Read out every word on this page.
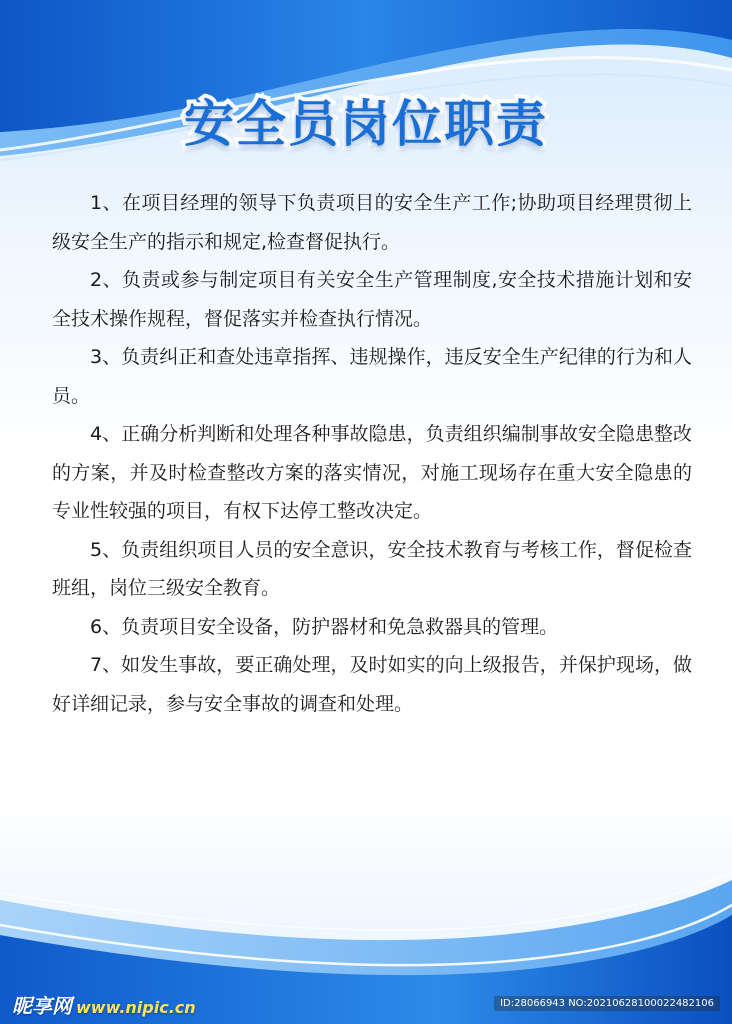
安全员岗位职责

1、在项目经理的领导下负责项目的安全生产工作;协助项目经理贯彻上级安全生产的指示和规定,检查督促执行。

2、负责或参与制定项目有关安全生产管理制度,安全技术措施计划和安全技术操作规程，督促落实并检查执行情况。

3、负责纠正和查处违章指挥、违规操作，违反安全生产纪律的行为和人员。

4、正确分析判断和处理各种事故隐患，负责组织编制事故安全隐患整改的方案，并及时检查整改方案的落实情况，对施工现场存在重大安全隐患的专业性较强的项目，有权下达停工整改决定。

5、负责组织项目人员的安全意识，安全技术教育与考核工作，督促检查班组，岗位三级安全教育。

6、负责项目安全设备，防护器材和免急救器具的管理。

7、如发生事故，要正确处理，及时如实的向上级报告，并保护现场，做好详细记录，参与安全事故的调查和处理。

昵享网 www.nipic.cn	ID:28066943 NO:20210628100022482106
